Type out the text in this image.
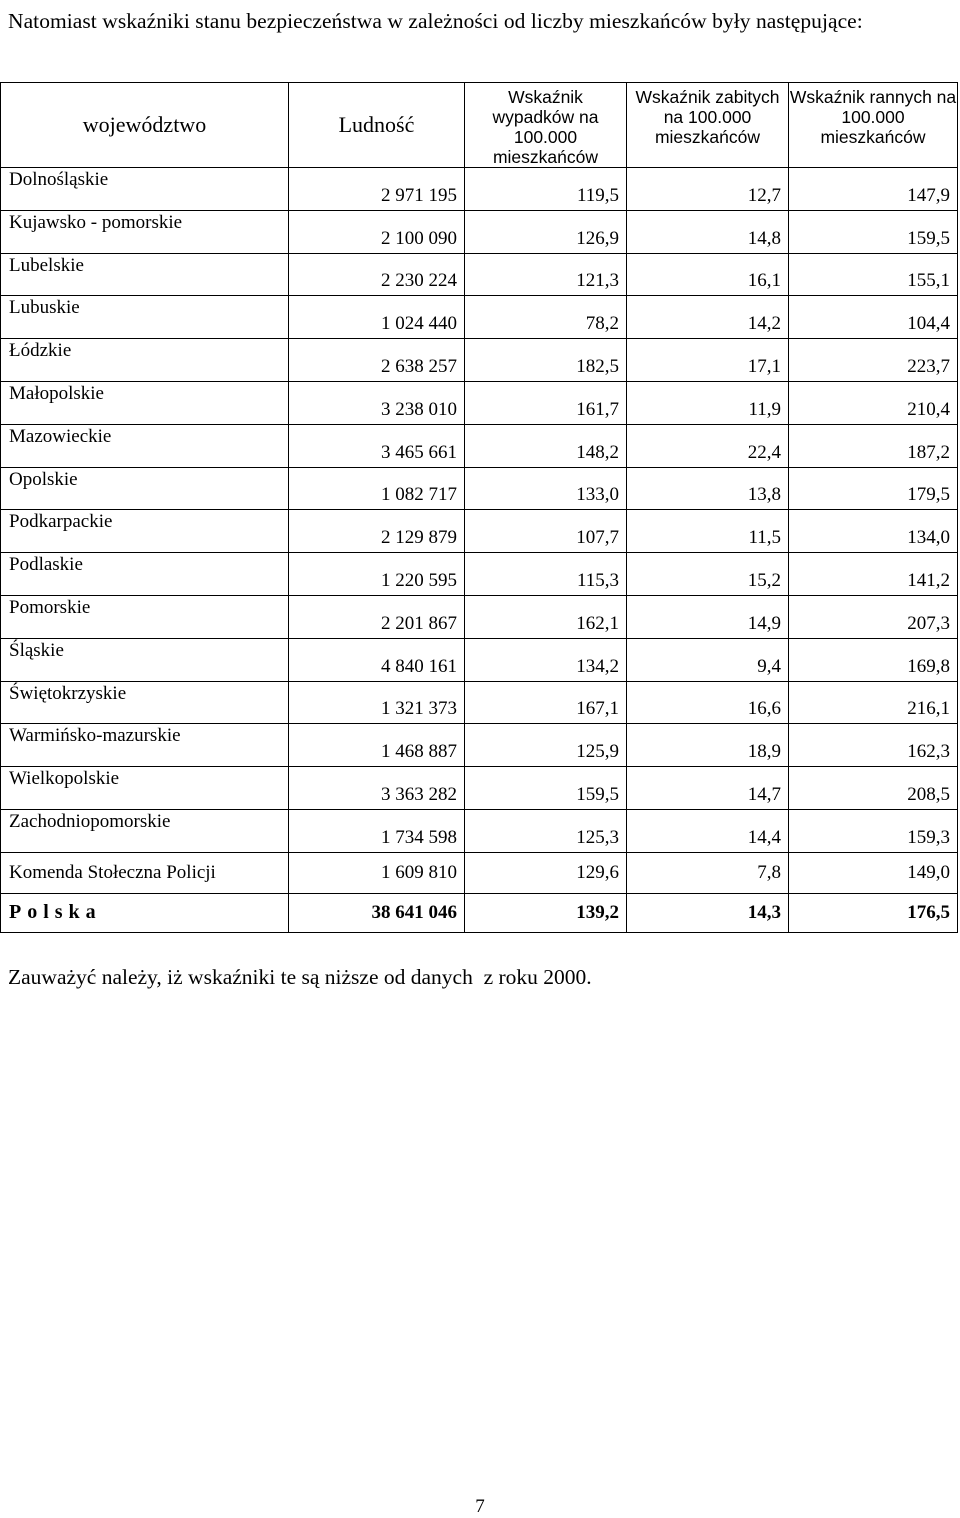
Natomiast wskaźniki stanu bezpieczeństwa w zależności od liczby mieszkańców były następujące:
województwo	Ludność	Wskaźnik wypadków na 100.000 mieszkańców	Wskaźnik zabitych na 100.000 mieszkańców	Wskaźnik rannych na 100.000 mieszkańców
Dolnośląskie	2 971 195	119,5	12,7	147,9
Kujawsko - pomorskie	2 100 090	126,9	14,8	159,5
Lubelskie	2 230 224	121,3	16,1	155,1
Lubuskie	1 024 440	78,2	14,2	104,4
Łódzkie	2 638 257	182,5	17,1	223,7
Małopolskie	3 238 010	161,7	11,9	210,4
Mazowieckie	3 465 661	148,2	22,4	187,2
Opolskie	1 082 717	133,0	13,8	179,5
Podkarpackie	2 129 879	107,7	11,5	134,0
Podlaskie	1 220 595	115,3	15,2	141,2
Pomorskie	2 201 867	162,1	14,9	207,3
Śląskie	4 840 161	134,2	9,4	169,8
Świętokrzyskie	1 321 373	167,1	16,6	216,1
Warmińsko-mazurskie	1 468 887	125,9	18,9	162,3
Wielkopolskie	3 363 282	159,5	14,7	208,5
Zachodniopomorskie	1 734 598	125,3	14,4	159,3
Komenda Stołeczna Policji	1 609 810	129,6	7,8	149,0
Polska	38 641 046	139,2	14,3	176,5
Zauważyć należy, iż wskaźniki te są niższe od danych  z roku 2000.
7
